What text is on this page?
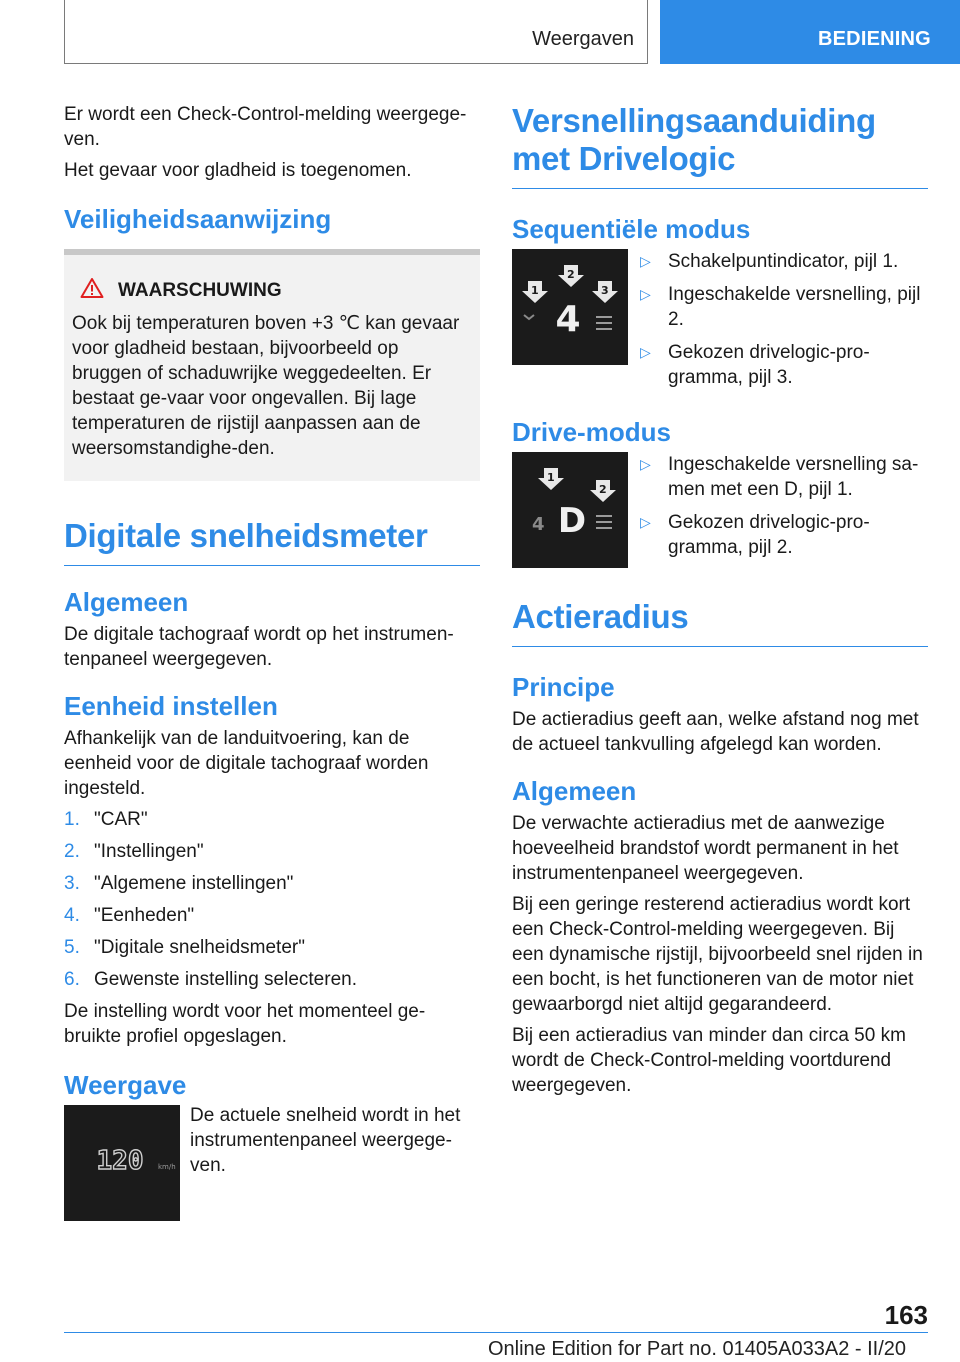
Weergaven	BEDIENING

Er wordt een Check-Control-melding weergege-ven.

Het gevaar voor gladheid is toegenomen.

Veiligheidsaanwijzing
WAARSCHUWING

Ook bij temperaturen boven +3 ℃ kan gevaar voor gladheid bestaan, bijvoorbeeld op bruggen of schaduwrijke weggedeelten. Er bestaat ge-vaar voor ongevallen. Bij lage temperaturen de rijstijl aanpassen aan de weersomstandighe-den.

Digitale snelheidsmeter
Algemeen

De digitale tachograaf wordt op het instrumen-tenpaneel weergegeven.

Eenheid instellen

Afhankelijk van de landuitvoering, kan de eenheid voor de digitale tachograaf worden ingesteld.

1. "CAR"
2. "Instellingen"
3. "Algemene instellingen"
4. "Eenheden"
5. "Digitale snelheidsmeter"
6. Gewenste instelling selecteren.

De instelling wordt voor het momenteel ge-bruikte profiel opgeslagen.

Weergave
120 km/h

De actuele snelheid wordt in het instrumentenpaneel weergege-ven.

Versnellingsaanduiding met Drivelogic
Sequentiële modus
1
2
3
4
▷ Schakelpuntindicator, pijl 1.
▷ Ingeschakelde versnelling, pijl 2.
▷ Gekozen drivelogic-pro-gramma, pijl 3.
Drive-modus
1
2
4 D
▷ Ingeschakelde versnelling sa-men met een D, pijl 1.
▷ Gekozen drivelogic-pro-gramma, pijl 2.
Actieradius
Principe

De actieradius geeft aan, welke afstand nog met de actueel tankvulling afgelegd kan worden.

Algemeen

De verwachte actieradius met de aanwezige hoeveelheid brandstof wordt permanent in het instrumentenpaneel weergegeven.

Bij een geringe resterend actieradius wordt kort een Check-Control-melding weergegeven. Bij een dynamische rijstijl, bijvoorbeeld snel rijden in een bocht, is het functioneren van de motor niet gewaarborgd niet altijd gegarandeerd.

Bij een actieradius van minder dan circa 50 km wordt de Check-Control-melding voortdurend weergegeven.

163
Online Edition for Part no. 01405A033A2 - II/20
